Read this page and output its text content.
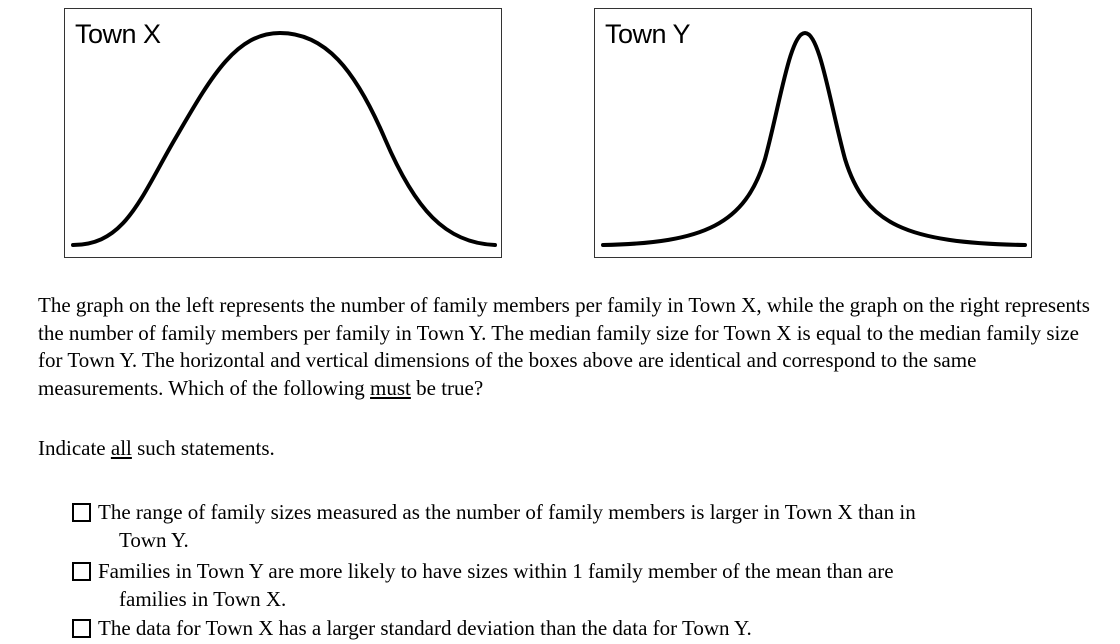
Town X	Town Y
The graph on the left represents the number of family members per family in Town X, while the graph on the right represents the number of family members per family in Town Y. The median family size for Town X is equal to the median family size for Town Y. The horizontal and vertical dimensions of the boxes above are identical and correspond to the same measurements. Which of the following must be true?
Indicate all such statements.
The range of family sizes measured as the number of family members is larger in Town X than in
Town Y.
Families in Town Y are more likely to have sizes within 1 family member of the mean than are
families in Town X.
The data for Town X has a larger standard deviation than the data for Town Y.
